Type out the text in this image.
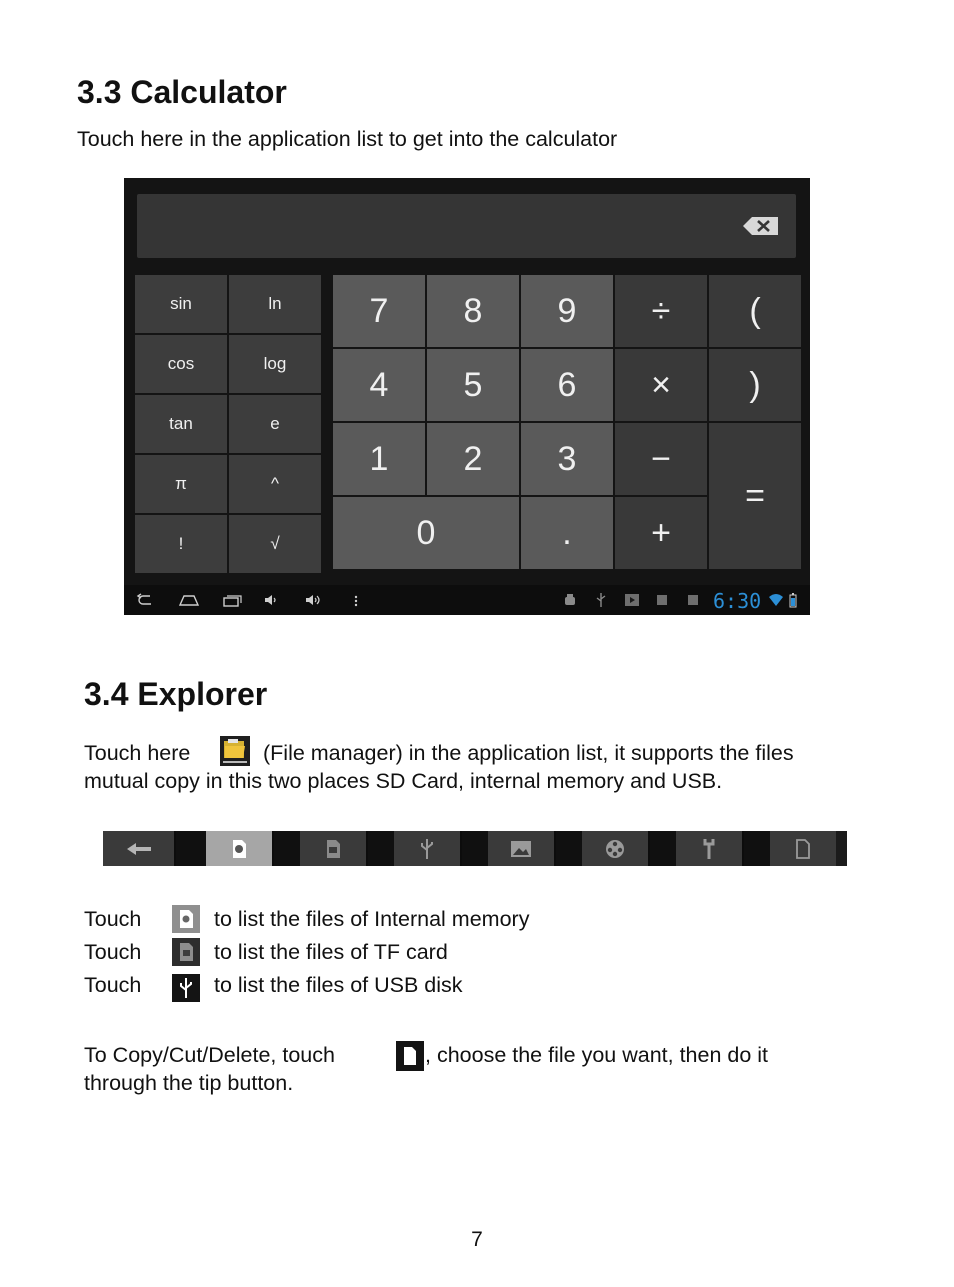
3.3 Calculator
Touch here in the application list to get into the calculator
sin	ln
cos	log
tan	e
π	^
!	√
7	8	9	÷	(
4	5	6	×	)
1	2	3	−
=
0	.	+
6:30
3.4 Explorer
Touch here	(File manager) in the application list, it supports the files mutual copy in this two places SD Card, internal memory and USB.
Touch	to list the files of Internal memory
Touch	to list the files of TF card
Touch	to list the files of USB disk
To Copy/Cut/Delete, touch	, choose the file you want, then do it
through the tip button.
7
